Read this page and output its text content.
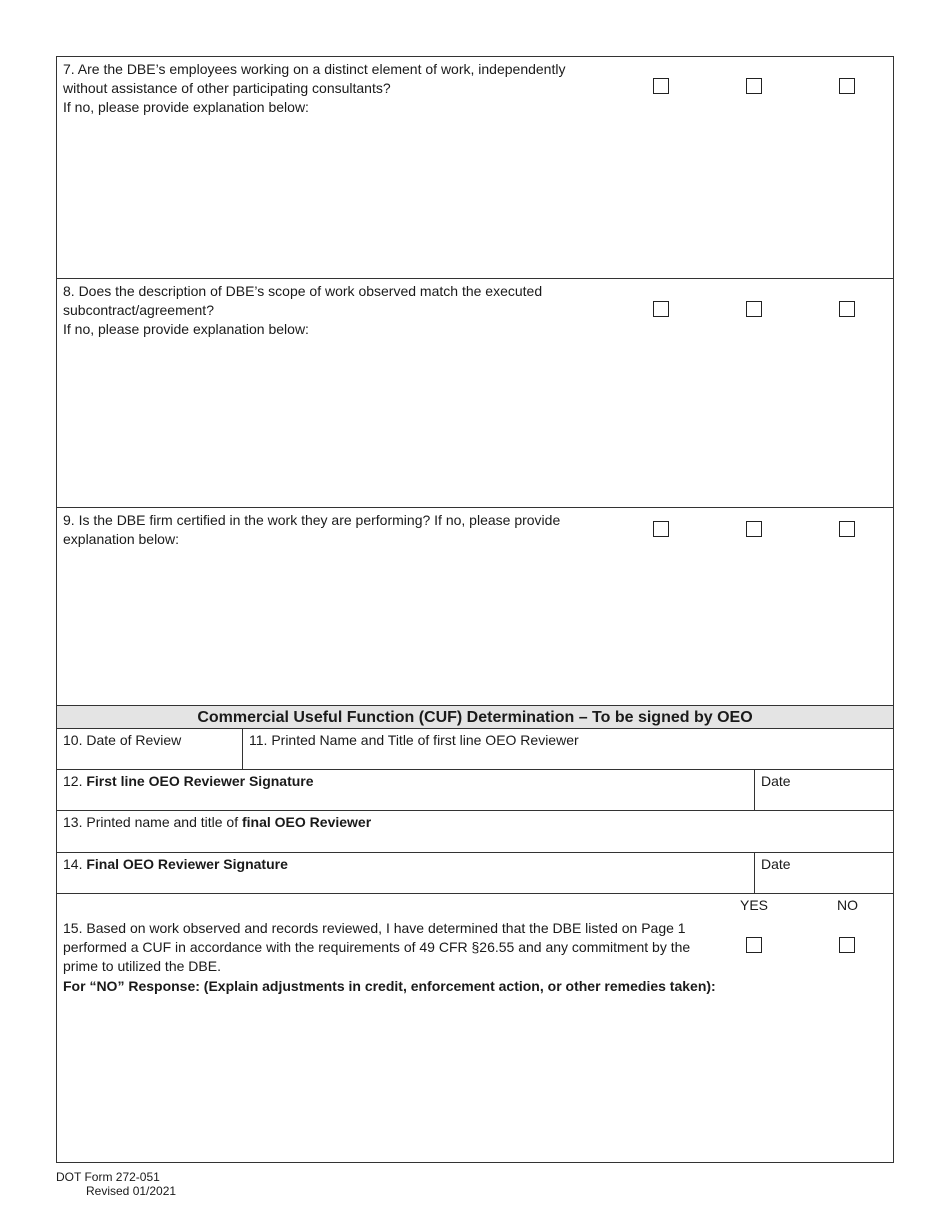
7. Are the DBE’s employees working on a distinct element of work, independently
without assistance of other participating consultants?
If no, please provide explanation below:
8. Does the description of DBE’s scope of work observed match the executed
subcontract/agreement?
If no, please provide explanation below:
9. Is the DBE firm certified in the work they are performing? If no, please provide
explanation below:
Commercial Useful Function (CUF) Determination – To be signed by OEO
10. Date of Review	11. Printed Name and Title of first line OEO Reviewer
12. First line OEO Reviewer Signature	Date
13. Printed name and title of final OEO Reviewer
14. Final OEO Reviewer Signature	Date
YES	NO
15. Based on work observed and records reviewed, I have determined that the DBE listed on Page 1
performed a CUF in accordance with the requirements of 49 CFR §26.55 and any commitment by the
prime to utilized the DBE.
For “NO” Response: (Explain adjustments in credit, enforcement action, or other remedies taken):
DOT Form 272-051
Revised 01/2021
